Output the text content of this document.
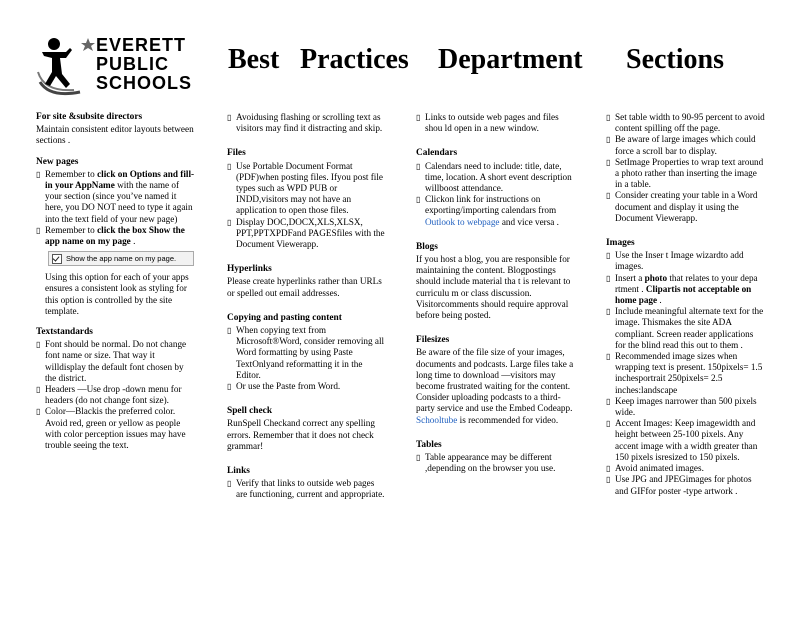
EVERETT
PUBLIC
SCHOOLS
Best Practices Department Sections
For site &subsite directors

Maintain consistent editor layouts between sections .

New pages
▯ Remember to click on Options and fill-in your AppName with the name of your section (since you’ve named it here, you DO NOT need to type it again into the text field of your new page)
▯ Remember to click the box Show the app name on my page .
Show the app name on my page.

Using this option for each of your apps ensures a consistent look as styling for this option is controlled by the site template.

Textstandards
▯ Font should be normal. Do not change font name or size. That way it willdisplay the default font chosen by the district.
▯ Headers —Use drop -down menu for headers (do not change font size).
▯ Color—Blackis the preferred color. Avoid red, green or yellow as people with color perception issues may have trouble seeing the text.
▯ Avoidusing flashing or scrolling text as visitors may find it distracting and skip.
Files
▯ Use Portable Document Format (PDF)when posting files. Ifyou post file types such as WPD PUB or INDD,visitors may not have an application to open those files.
▯ Display DOC,DOCX,XLS,XLSX, PPT,PPTXPDFand PAGESfiles with the Document Viewerapp.
Hyperlinks

Please create hyperlinks rather than URLs or spelled out email addresses.

Copying and pasting content
▯ When copying text from Microsoft®Word, consider removing all Word formatting by using Paste TextOnlyand reformatting it in the Editor.
▯ Or use the Paste from Word.
Spell check

RunSpell Checkand correct any spelling errors. Remember that it does not check grammar!

Links
▯ Verify that links to outside web pages are functioning, current and appropriate.
▯ Links to outside web pages and files shou ld open in a new window.
Calendars
▯ Calendars need to include: title, date, time, location. A short event description willboost attendance.
▯ Clickon link for instructions on exporting/importing calendars from Outlook to webpage and vice versa .
Blogs

If you host a blog, you are responsible for maintaining the content. Blogpostings should include material tha t is relevant to curriculu m or class discussion. Visitorcomments should require approval before being posted.

Filesizes

Be aware of the file size of your images, documents and podcasts. Large files take a long time to download —visitors may become frustrated waiting for the content. Consider uploading podcasts to a third-party service and use the Embed Codeapp. Schooltube is recommended for video.

Tables
▯ Table appearance may be different ,depending on the browser you use.
▯ Set table width to 90-95 percent to avoid content spilling off the page.
▯ Be aware of large images which could force a scroll bar to display.
▯ SetImage Properties to wrap text around a photo rather than inserting the image in a table.
▯ Consider creating your table in a Word document and display it using the Document Viewerapp.
Images
▯ Use the Inser t Image wizardto add images.
▯ Insert a photo that relates to your depa rtment . Clipartis not acceptable on home page .
▯ Include meaningful alternate text for the image. Thismakes the site ADA compliant. Screen reader applications for the blind read this out to them .
▯ Recommended image sizes when wrapping text is present. 150pixels= 1.5 inchesportrait 250pixels= 2.5 inches:landscape
▯ Keep images narrower than 500 pixels wide.
▯ Accent Images: Keep imagewidth and height between 25-100 pixels. Any accent image with a width greater than 150 pixels isresized to 150 pixels.
▯ Avoid animated images.
▯ Use JPG and JPEGimages for photos and GIFfor poster -type artwork .
